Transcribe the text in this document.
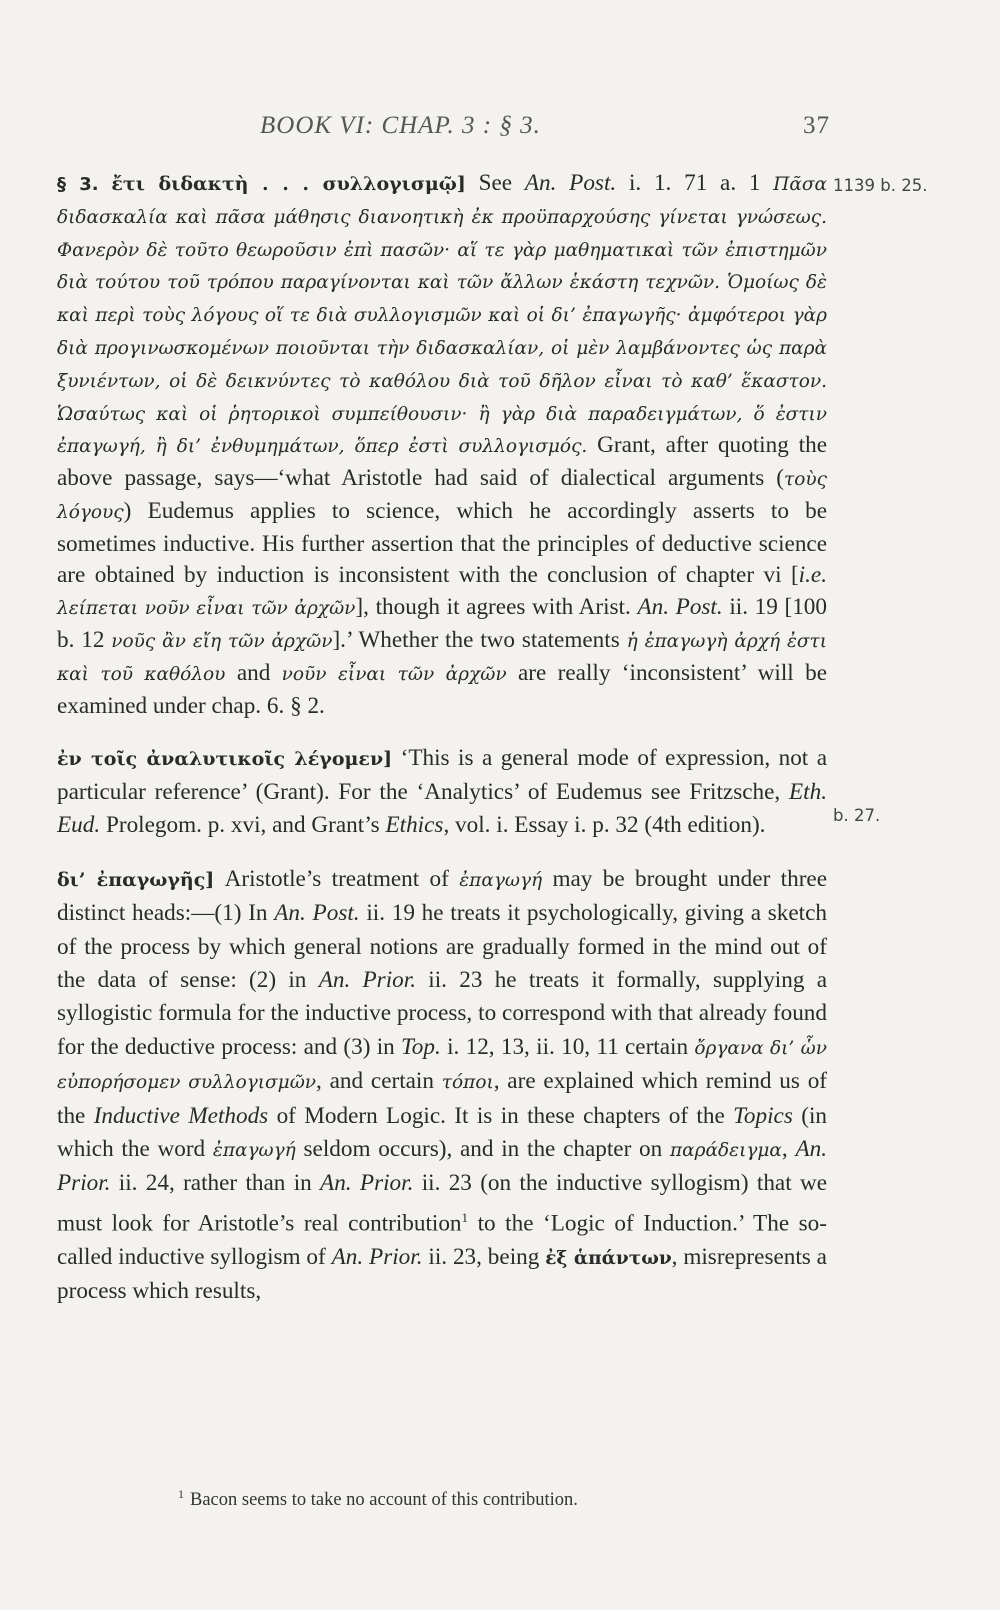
BOOK VI: CHAP. 3 : § 3.	37
1139 b. 25.
b. 27.

§ 3. ἔτι διδακτὴ . . . συλλογισμῷ] See An. Post. i. 1. 71 a. 1 Πᾶσα διδασκαλία καὶ πᾶσα μάθησις διανοητικὴ ἐκ προϋπαρχούσης γίνεται γνώσεως. Φανερὸν δὲ τοῦτο θεωροῦσιν ἐπὶ πασῶν· αἵ τε γὰρ μαθηματικαὶ τῶν ἐπιστημῶν διὰ τούτου τοῦ τρόπου παραγίνονται καὶ τῶν ἄλλων ἑκάστη τεχνῶν. Ὁμοίως δὲ καὶ περὶ τοὺς λόγους οἵ τε διὰ συλλογισμῶν καὶ οἱ δι’ ἐπαγωγῆς· ἀμφότεροι γὰρ διὰ προγινωσκομένων ποιοῦνται τὴν διδασκαλίαν, οἱ μὲν λαμβάνοντες ὡς παρὰ ξυνιέντων, οἱ δὲ δεικνύντες τὸ καθόλου διὰ τοῦ δῆλον εἶναι τὸ καθ’ ἕκαστον. Ὡσαύτως καὶ οἱ ῥητορικοὶ συμπείθουσιν· ἢ γὰρ διὰ παραδειγμάτων, ὅ ἐστιν ἐπαγωγή, ἢ δι’ ἐνθυμημάτων, ὅπερ ἐστὶ συλλογισμός. Grant, after quoting the above passage, says—‘what Aristotle had said of dialectical arguments (τοὺς λόγους) Eudemus applies to science, which he accordingly asserts to be sometimes inductive. His further assertion that the principles of deductive science are obtained by induction is inconsistent with the conclusion of chapter vi [i.e. λείπεται νοῦν εἶναι τῶν ἀρχῶν], though it agrees with Arist. An. Post. ii. 19 [100 b. 12 νοῦς ἂν εἴη τῶν ἀρχῶν].’ Whether the two statements ἡ ἐπαγωγὴ ἀρχή ἐστι καὶ τοῦ καθόλου and νοῦν εἶναι τῶν ἀρχῶν are really ‘inconsistent’ will be examined under chap. 6. § 2.

ἐν τοῖς ἀναλυτικοῖς λέγομεν] ‘This is a general mode of expression, not a particular reference’ (Grant). For the ‘Analytics’ of Eudemus see Fritzsche, Eth. Eud. Prolegom. p. xvi, and Grant’s Ethics, vol. i. Essay i. p. 32 (4th edition).

δι’ ἐπαγωγῆς] Aristotle’s treatment of ἐπαγωγή may be brought under three distinct heads:—(1) In An. Post. ii. 19 he treats it psychologically, giving a sketch of the process by which general notions are gradually formed in the mind out of the data of sense: (2) in An. Prior. ii. 23 he treats it formally, supplying a syllogistic formula for the inductive process, to correspond with that already found for the deductive process: and (3) in Top. i. 12, 13, ii. 10, 11 certain ὄργανα δι’ ὧν εὐπορήσομεν συλλογισμῶν, and certain τόποι, are explained which remind us of the Inductive Methods of Modern Logic. It is in these chapters of the Topics (in which the word ἐπαγωγή seldom occurs), and in the chapter on παράδειγμα, An. Prior. ii. 24, rather than in An. Prior. ii. 23 (on the inductive syllogism) that we must look for Aristotle’s real contribution$^1$ to the ‘Logic of Induction.’ The so-called inductive syllogism of An. Prior. ii. 23, being ἐξ ἁπάντων, misrepresents a process which results,

$^1$ Bacon seems to take no account of this contribution.
